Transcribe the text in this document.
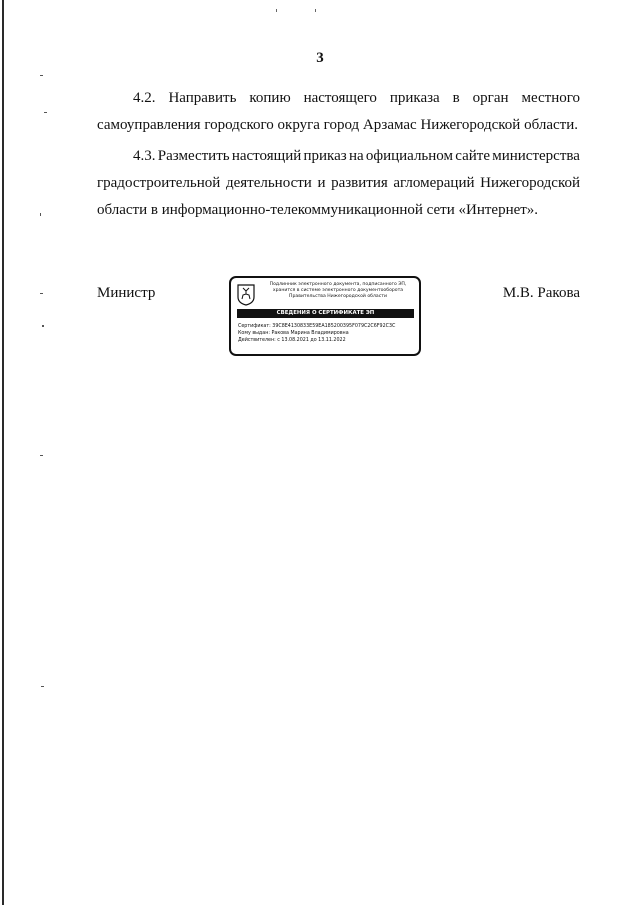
3
4.2. Направить копию настоящего приказа в орган местного
самоуправления городского округа город Арзамас Нижегородской области.
4.3. Разместить настоящий приказ на официальном сайте министерства
градостроительной деятельности и развития агломераций Нижегородской
области в информационно-телекоммуникационной сети «Интернет».
Министр	М.В. Ракова
Подлинник электронного документа, подписанного ЭП,
хранится в системе электронного документооборота
Правительства Нижегородской области
СВЕДЕНИЯ О СЕРТИФИКАТЕ ЭП
Сертификат: 39C8E4130833E59EA185200395F079C2C6F92C3C
Кому выдан: Ракова Марина Владимировна
Действителен: с 13.08.2021 до 13.11.2022
